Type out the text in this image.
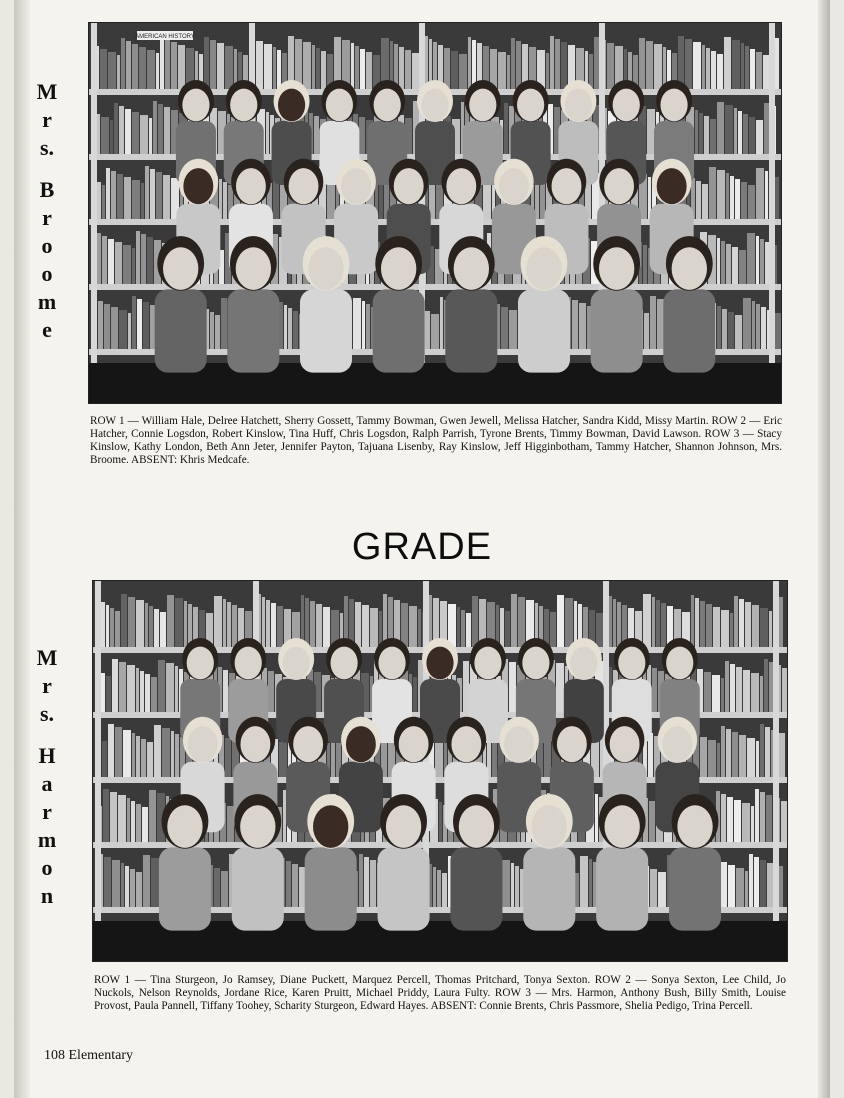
M
r
s.
B
r
o
o
m
e
AMERICAN HISTORY
ROW 1 — William Hale, Delree Hatchett, Sherry Gossett, Tammy Bowman, Gwen Jewell, Melissa Hatcher, Sandra Kidd, Missy Martin. ROW 2 — Eric Hatcher, Connie Logsdon, Robert Kinslow, Tina Huff, Chris Logsdon, Ralph Parrish, Tyrone Brents, Timmy Bowman, David Lawson. ROW 3 — Stacy Kinslow, Kathy London, Beth Ann Jeter, Jennifer Payton, Tajuana Lisenby, Ray Kinslow, Jeff Higginbotham, Tammy Hatcher, Shannon Johnson, Mrs. Broome. ABSENT: Khris Medcafe.
GRADE
M
r
s.
H
a
r
m
o
n
ROW 1 — Tina Sturgeon, Jo Ramsey, Diane Puckett, Marquez Percell, Thomas Pritchard, Tonya Sexton. ROW 2 — Sonya Sexton, Lee Child, Jo Nuckols, Nelson Reynolds, Jordane Rice, Karen Pruitt, Michael Priddy, Laura Fulty. ROW 3 — Mrs. Harmon, Anthony Bush, Billy Smith, Louise Provost, Paula Pannell, Tiffany Toohey, Scharity Sturgeon, Edward Hayes. ABSENT: Connie Brents, Chris Passmore, Shelia Pedigo, Trina Percell.
108 Elementary
